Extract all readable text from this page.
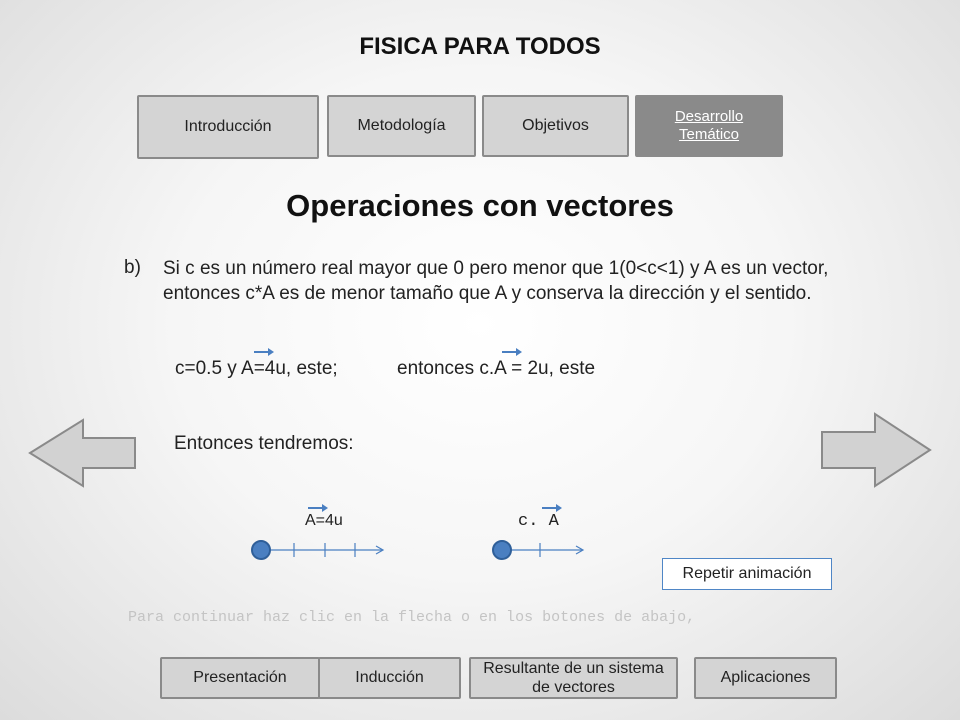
FISICA PARA TODOS
Introducción	Metodología	Objetivos
Desarrollo Temático
Operaciones con vectores
b) Si c es un número real mayor que 0 pero menor que 1(0<c<1) y A es un vector, entonces c*A es de menor tamaño que A y conserva la dirección y el sentido.
c=0.5 y A=4u, este;	entonces c.A = 2u, este
Entonces tendremos:
A=4u	c. A
Repetir animación
Para continuar haz clic en la flecha o en los botones de abajo,
Presentación	Inducción
Resultante de un sistema de vectores
Aplicaciones
